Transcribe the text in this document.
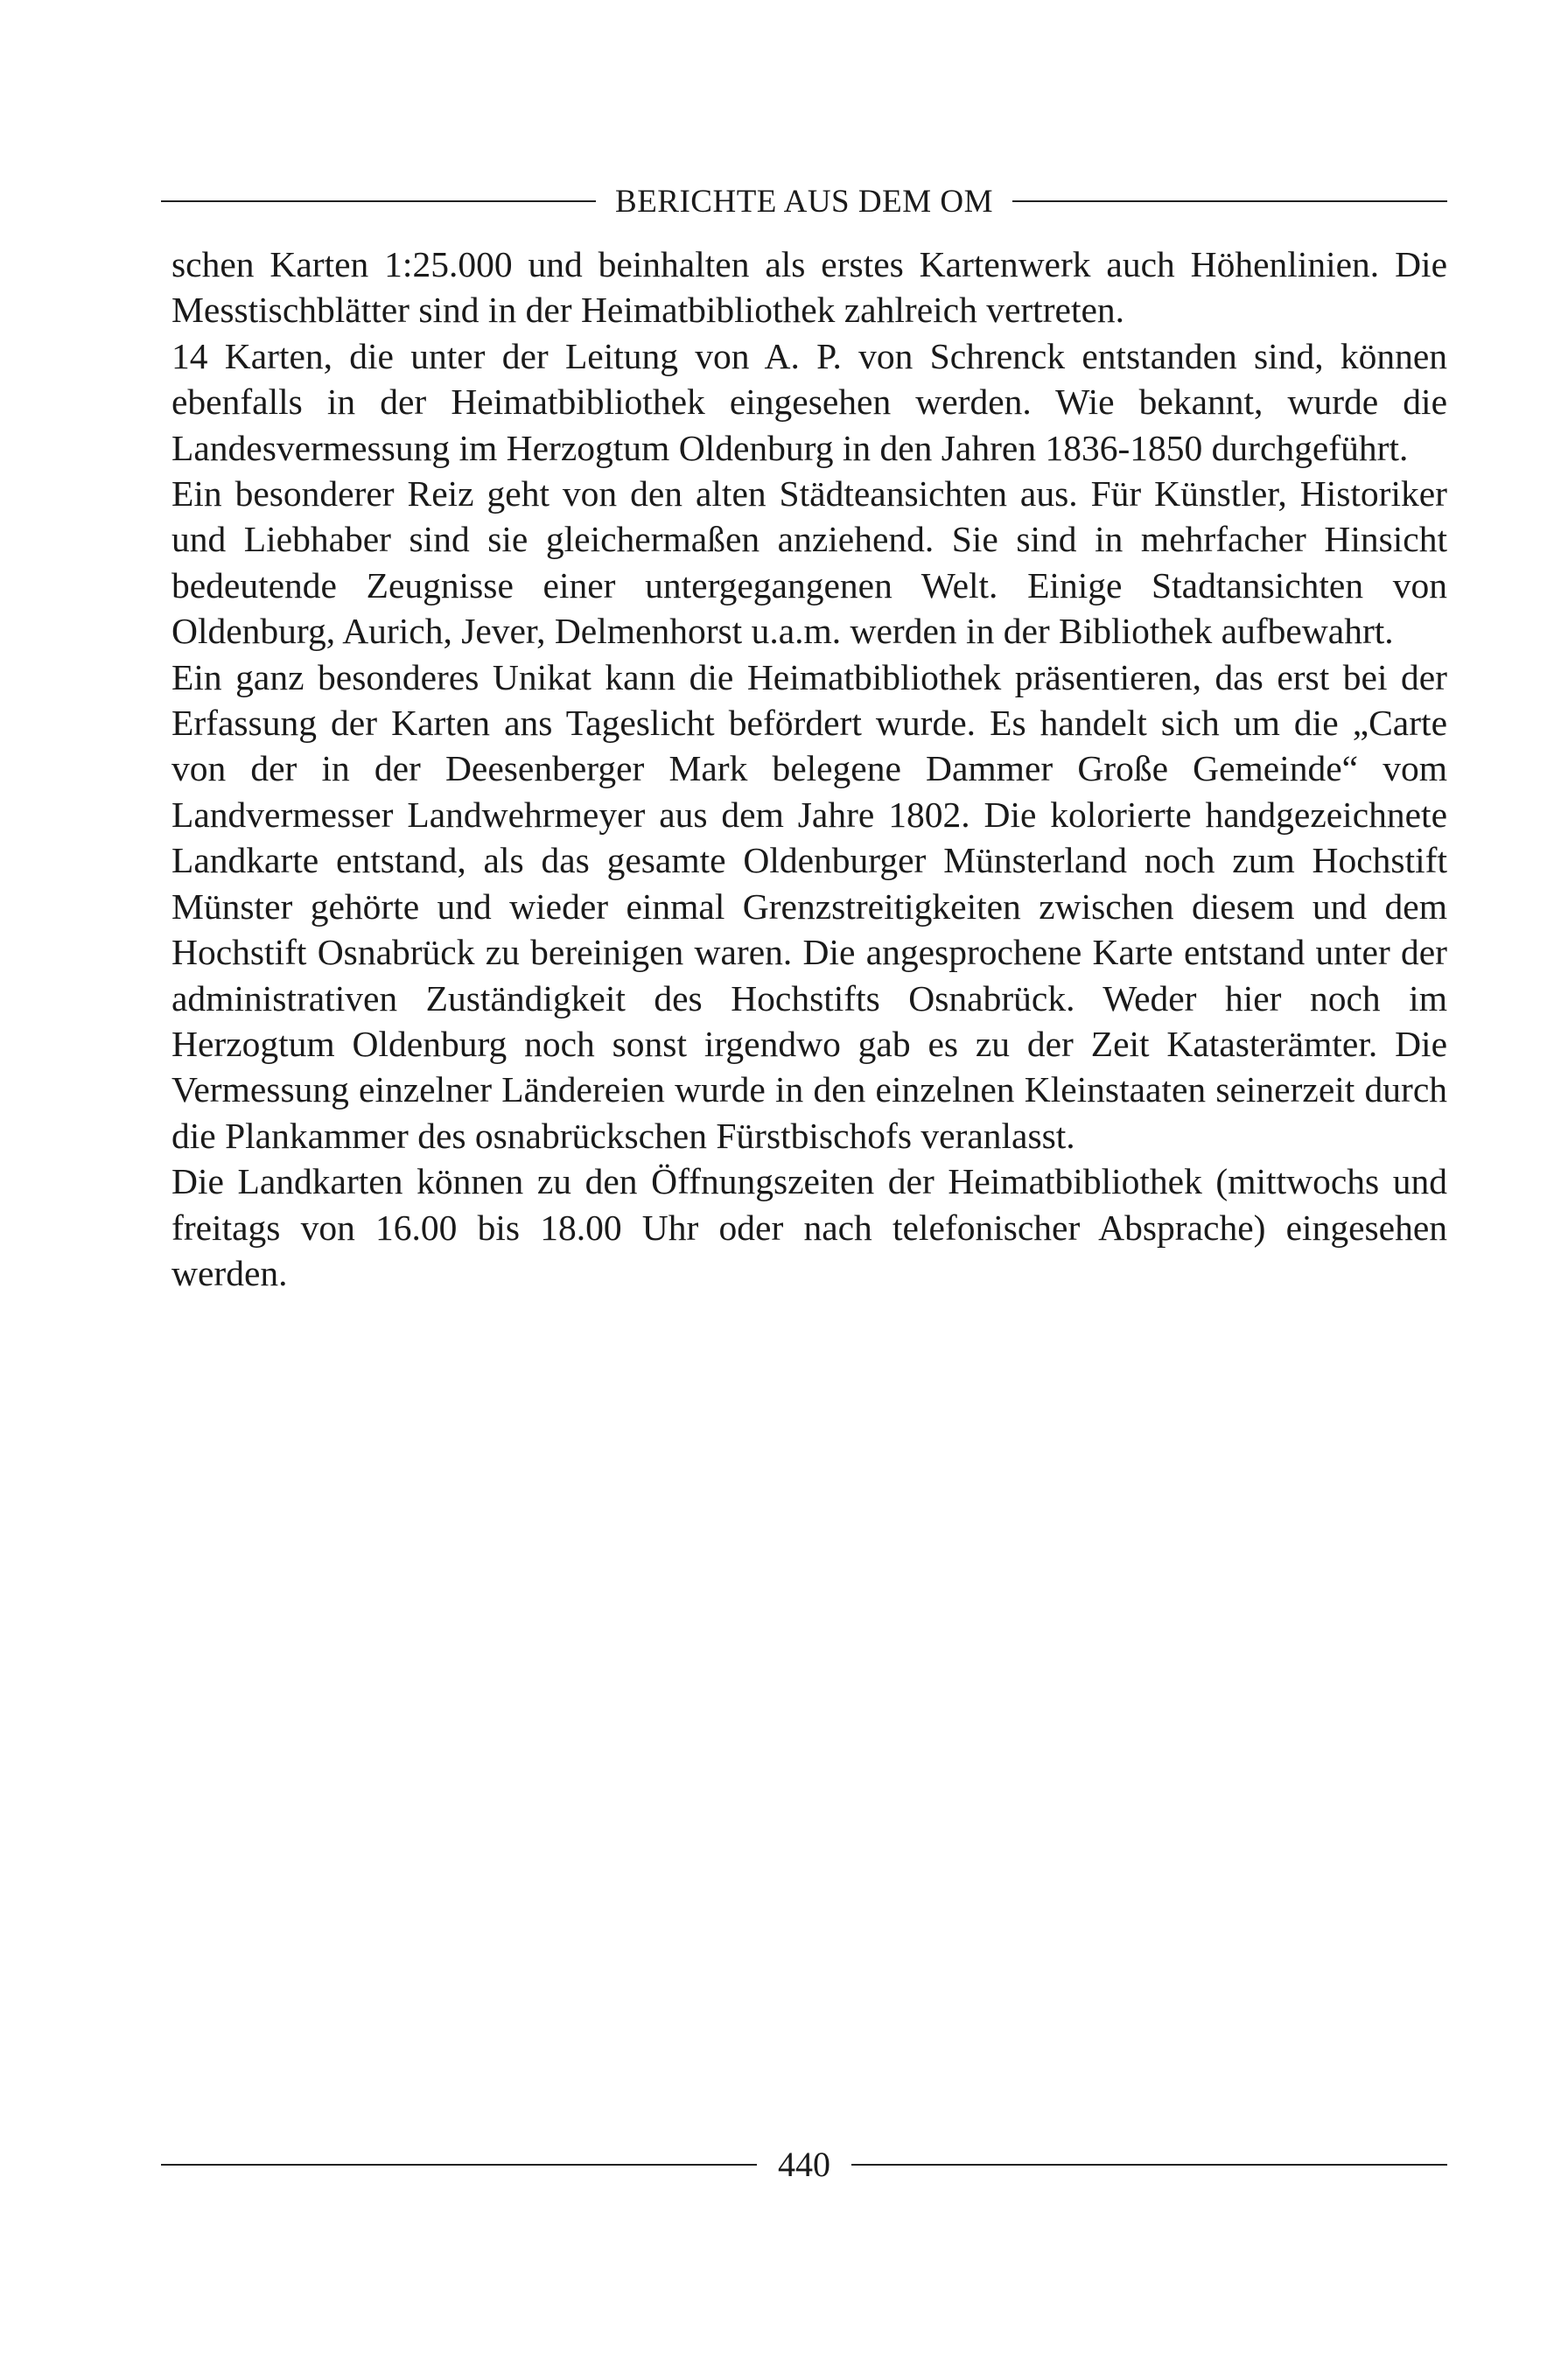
BERICHTE AUS DEM OM

schen Karten 1:25.000 und beinhalten als erstes Kartenwerk auch Höhenlinien. Die Messtischblätter sind in der Heimatbibliothek zahlreich vertreten.

14 Karten, die unter der Leitung von A. P. von Schrenck entstanden sind, können ebenfalls in der Heimatbibliothek eingesehen werden. Wie bekannt, wurde die Landesvermessung im Herzogtum Oldenburg in den Jahren 1836-1850 durchgeführt.

Ein besonderer Reiz geht von den alten Städteansichten aus. Für Künstler, Historiker und Liebhaber sind sie gleichermaßen anziehend. Sie sind in mehrfacher Hinsicht bedeutende Zeugnisse einer untergegangenen Welt. Einige Stadtansichten von Oldenburg, Aurich, Jever, Delmenhorst u.a.m. werden in der Bibliothek aufbewahrt.

Ein ganz besonderes Unikat kann die Heimatbibliothek präsentieren, das erst bei der Erfassung der Karten ans Tageslicht befördert wurde. Es handelt sich um die „Carte von der in der Deesenberger Mark belegene Dammer Große Gemeinde“ vom Landvermesser Landwehrmeyer aus dem Jahre 1802. Die kolorierte handgezeichnete Landkarte entstand, als das gesamte Oldenburger Münsterland noch zum Hochstift Münster gehörte und wieder einmal Grenzstreitigkeiten zwischen diesem und dem Hochstift Osnabrück zu bereinigen waren. Die angesprochene Karte entstand unter der administrativen Zuständigkeit des Hochstifts Osnabrück. Weder hier noch im Herzogtum Oldenburg noch sonst irgendwo gab es zu der Zeit Katasterämter. Die Vermessung einzelner Ländereien wurde in den einzelnen Kleinstaaten seinerzeit durch die Plankammer des osnabrückschen Fürstbischofs veranlasst.

Die Landkarten können zu den Öffnungszeiten der Heimatbibliothek (mittwochs und freitags von 16.00 bis 18.00 Uhr oder nach telefonischer Absprache) eingesehen werden.

440
